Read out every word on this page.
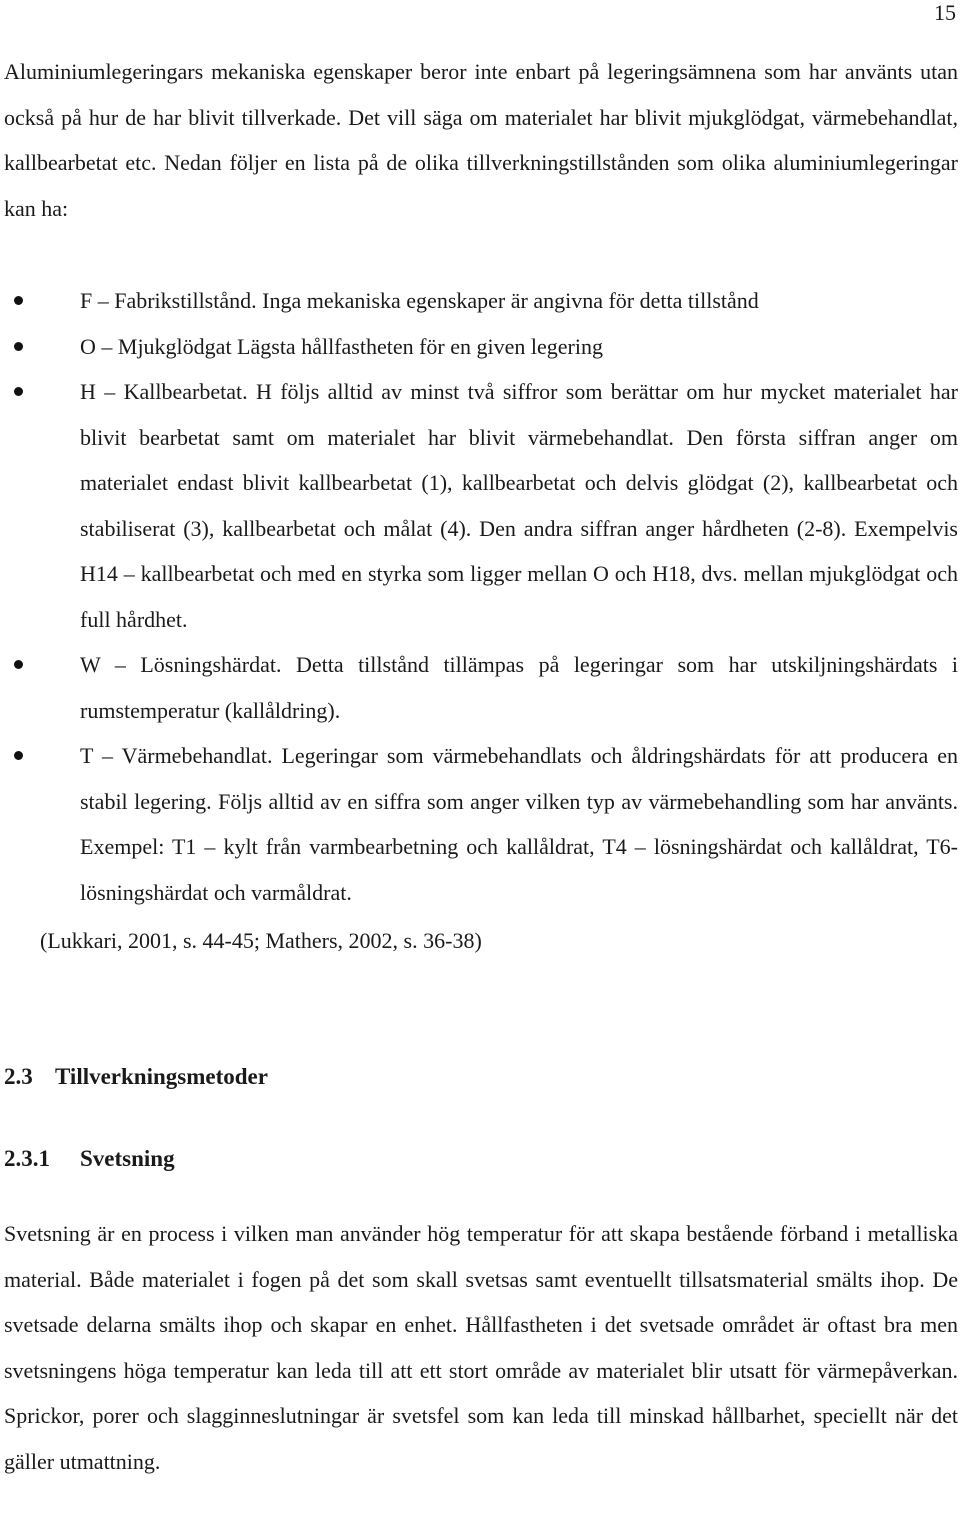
15

Aluminiumlegeringars mekaniska egenskaper beror inte enbart på legeringsämnena som har använts utan också på hur de har blivit tillverkade. Det vill säga om materialet har blivit mjukglödgat, värmebehandlat, kallbearbetat etc. Nedan följer en lista på de olika tillverkningstillstånden som olika aluminiumlegeringar kan ha:

F – Fabrikstillstånd. Inga mekaniska egenskaper är angivna för detta tillstånd
O – Mjukglödgat Lägsta hållfastheten för en given legering
H – Kallbearbetat. H följs alltid av minst två siffror som berättar om hur mycket materialet har blivit bearbetat samt om materialet har blivit värmebehandlat. Den första siffran anger om materialet endast blivit kallbearbetat (1), kallbearbetat och delvis glödgat (2), kallbearbetat och stabiliserat (3), kallbearbetat och målat (4). Den andra siffran anger hårdheten (2-8). Exempelvis H14 – kallbearbetat och med en styrka som ligger mellan O och H18, dvs. mellan mjukglödgat och full hårdhet.
W – Lösningshärdat. Detta tillstånd tillämpas på legeringar som har utskiljningshärdats i rumstemperatur (kallåldring).
T – Värmebehandlat. Legeringar som värmebehandlats och åldringshärdats för att producera en stabil legering. Följs alltid av en siffra som anger vilken typ av värmebehandling som har använts. Exempel: T1 – kylt från varmbearbetning och kallåldrat, T4 – lösningshärdat och kallåldrat, T6- lösningshärdat och varmåldrat.

(Lukkari, 2001, s. 44-45; Mathers, 2002, s. 36-38)

2.3 Tillverkningsmetoder
2.3.1	Svetsning

Svetsning är en process i vilken man använder hög temperatur för att skapa bestående förband i metalliska material. Både materialet i fogen på det som skall svetsas samt eventuellt tillsatsmaterial smälts ihop. De svetsade delarna smälts ihop och skapar en enhet. Hållfastheten i det svetsade området är oftast bra men svetsningens höga temperatur kan leda till att ett stort område av materialet blir utsatt för värmepåverkan. Sprickor, porer och slagginneslutningar är svetsfel som kan leda till minskad hållbarhet, speciellt när det gäller utmattning.
